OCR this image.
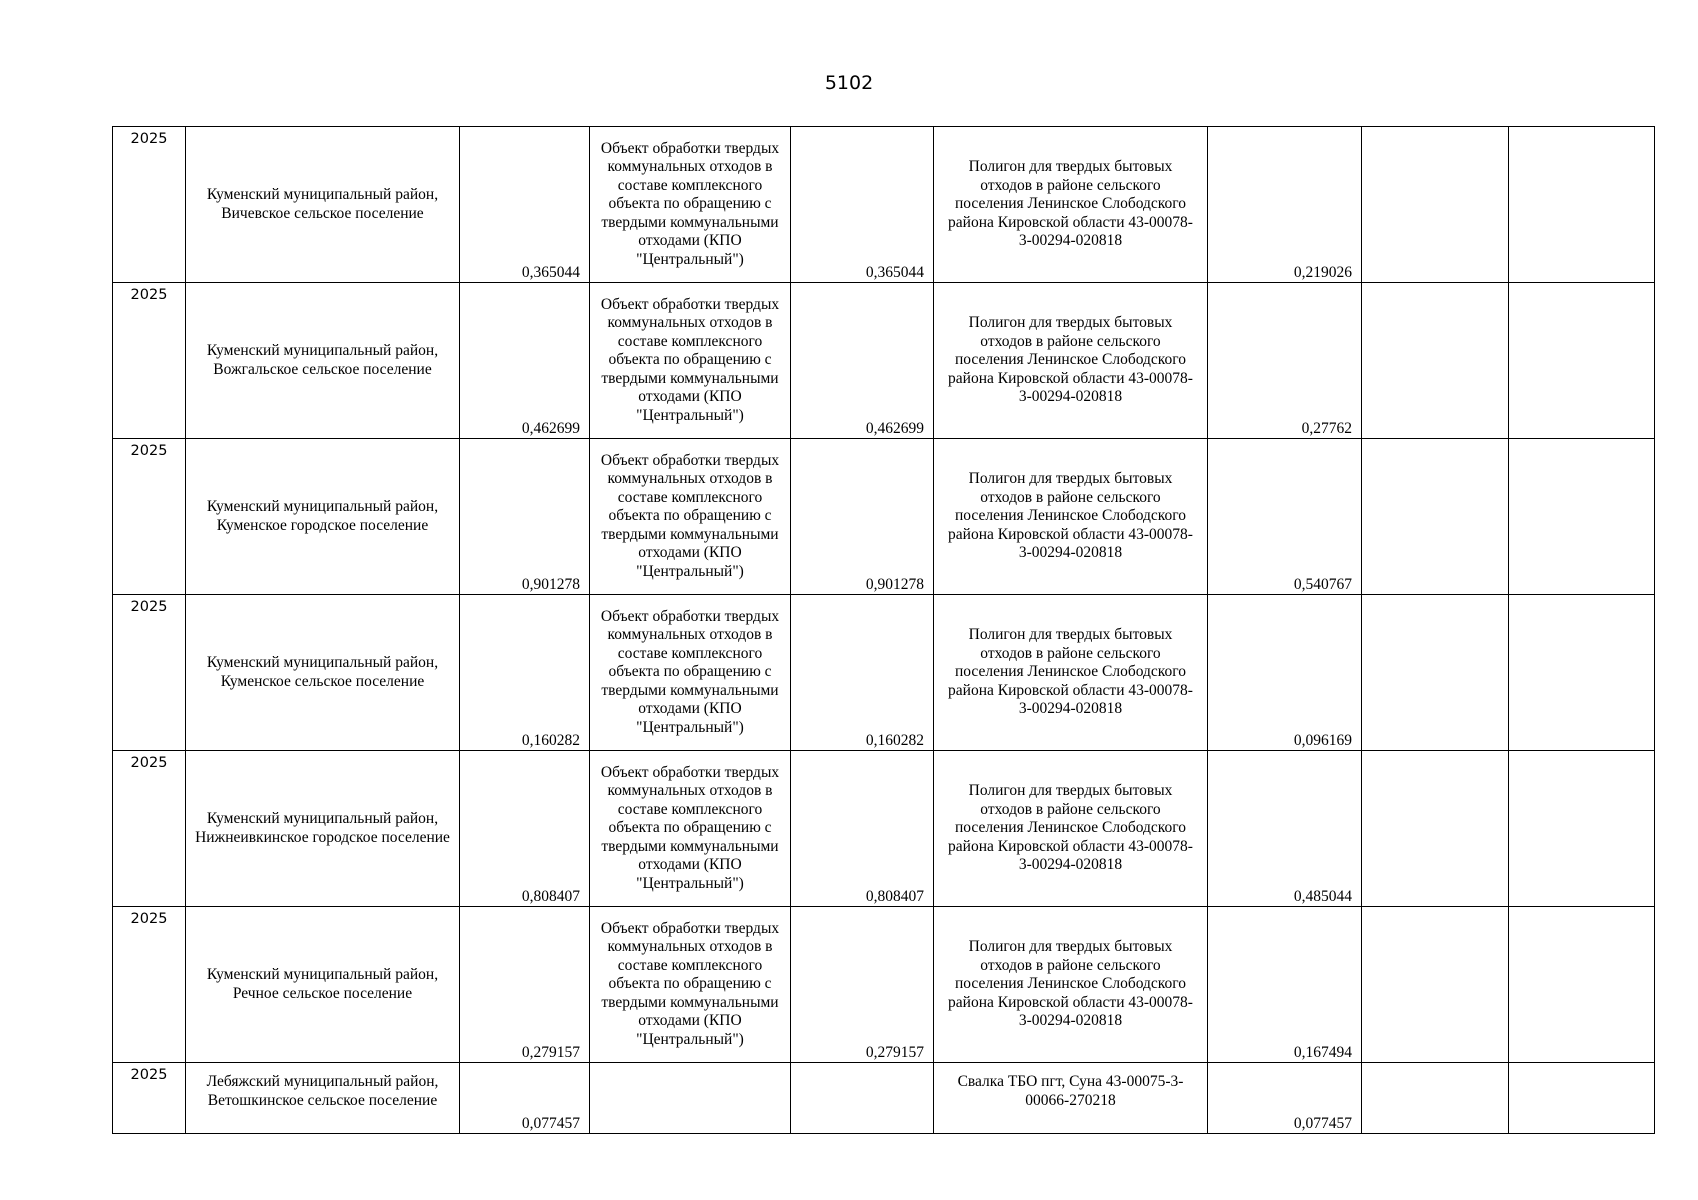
5102
2025	Куменский муниципальный район, Вичевское сельское поселение	0,365044	Объект обработки твердых коммунальных отходов в составе комплексного объекта по обращению с твердыми коммунальными отходами (КПО "Центральный")	0,365044	Полигон для твердых бытовых отходов в районе сельского поселения Ленинское Слободского района Кировской области 43-00078-3-00294-020818	0,219026		
2025	Куменский муниципальный район, Вожгальское сельское поселение	0,462699	Объект обработки твердых коммунальных отходов в составе комплексного объекта по обращению с твердыми коммунальными отходами (КПО "Центральный")	0,462699	Полигон для твердых бытовых отходов в районе сельского поселения Ленинское Слободского района Кировской области 43-00078-3-00294-020818	0,27762		
2025	Куменский муниципальный район, Куменское городское поселение	0,901278	Объект обработки твердых коммунальных отходов в составе комплексного объекта по обращению с твердыми коммунальными отходами (КПО "Центральный")	0,901278	Полигон для твердых бытовых отходов в районе сельского поселения Ленинское Слободского района Кировской области 43-00078-3-00294-020818	0,540767		
2025	Куменский муниципальный район, Куменское сельское поселение	0,160282	Объект обработки твердых коммунальных отходов в составе комплексного объекта по обращению с твердыми коммунальными отходами (КПО "Центральный")	0,160282	Полигон для твердых бытовых отходов в районе сельского поселения Ленинское Слободского района Кировской области 43-00078-3-00294-020818	0,096169		
2025	Куменский муниципальный район, Нижнеивкинское городское поселение	0,808407	Объект обработки твердых коммунальных отходов в составе комплексного объекта по обращению с твердыми коммунальными отходами (КПО "Центральный")	0,808407	Полигон для твердых бытовых отходов в районе сельского поселения Ленинское Слободского района Кировской области 43-00078-3-00294-020818	0,485044		
2025	Куменский муниципальный район, Речное сельское поселение	0,279157	Объект обработки твердых коммунальных отходов в составе комплексного объекта по обращению с твердыми коммунальными отходами (КПО "Центральный")	0,279157	Полигон для твердых бытовых отходов в районе сельского поселения Ленинское Слободского района Кировской области 43-00078-3-00294-020818	0,167494		
2025	Лебяжский муниципальный район, Ветошкинское сельское поселение	0,077457			Свалка ТБО пгт, Суна 43-00075-3-00066-270218	0,077457		
